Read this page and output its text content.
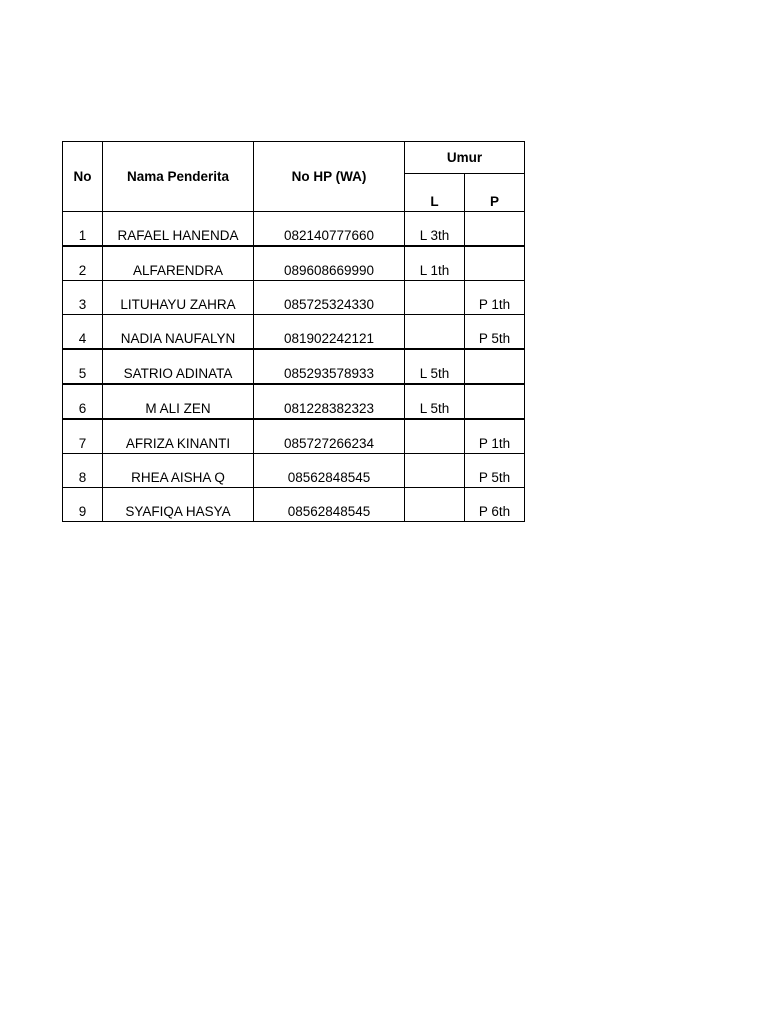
No	Nama Penderita	No HP (WA)	Umur	
			L	P
1	RAFAEL HANENDA	082140777660	L 3th	
2	ALFARENDRA	089608669990	L 1th	
3	LITUHAYU ZAHRA	085725324330		P 1th
4	NADIA NAUFALYN	081902242121		P 5th
5	SATRIO ADINATA	085293578933	L 5th	
6	M ALI ZEN	081228382323	L 5th	
7	AFRIZA KINANTI	085727266234		P 1th
8	RHEA AISHA Q	08562848545		P 5th
9	SYAFIQA HASYA	08562848545		P 6th
